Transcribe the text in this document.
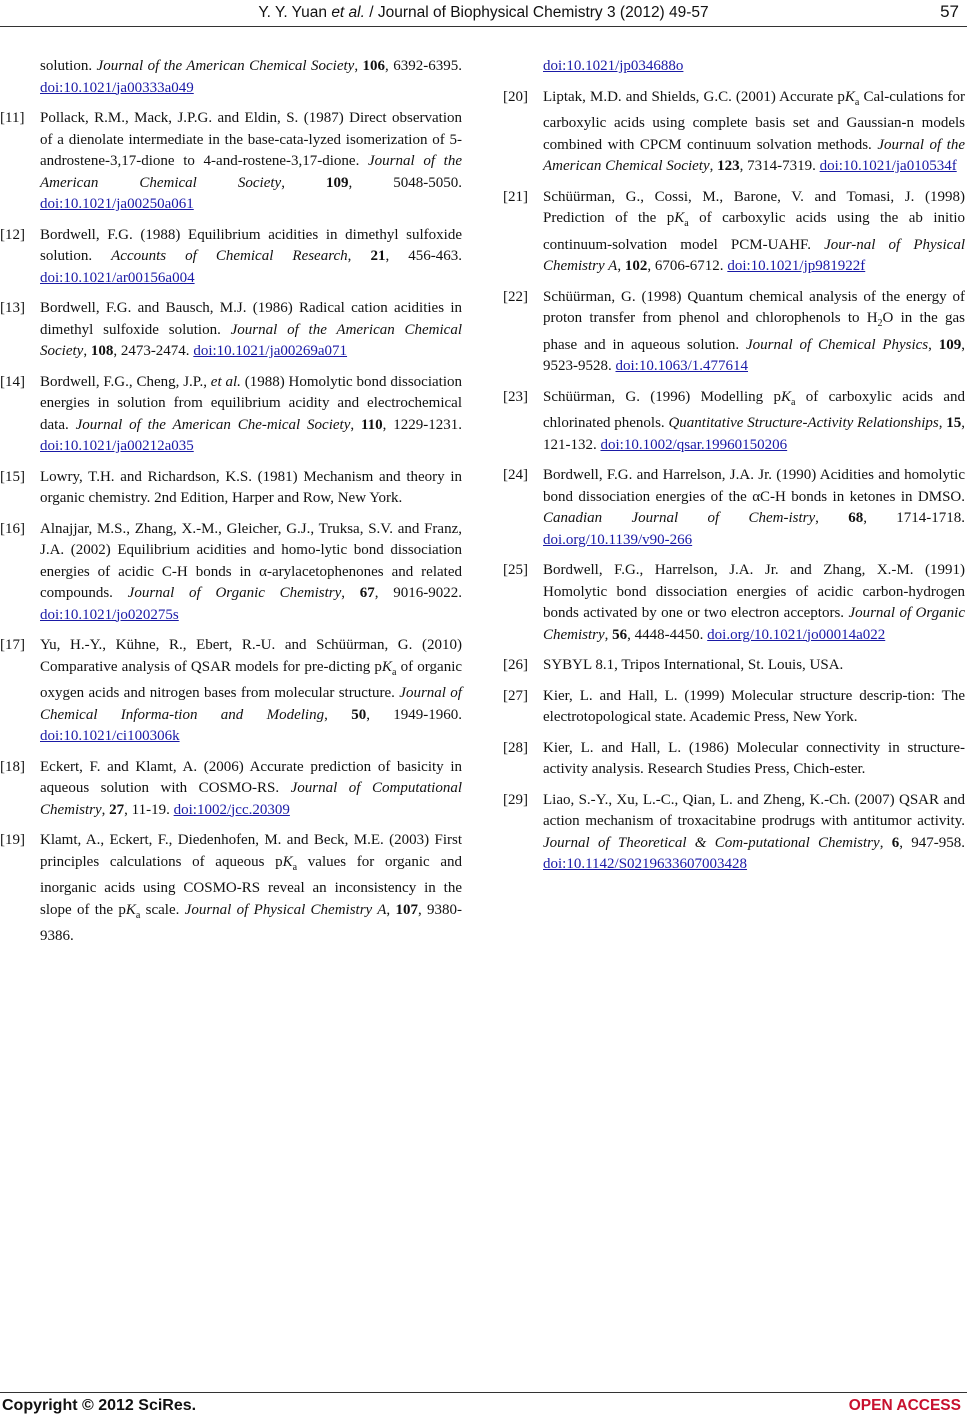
Y. Y. Yuan et al. / Journal of Biophysical Chemistry 3 (2012) 49-57	57
solution. Journal of the American Chemical Society, 106, 6392-6395. doi:10.1021/ja00333a049
[11]	Pollack, R.M., Mack, J.P.G. and Eldin, S. (1987) Direct observation of a dienolate intermediate in the base-cata-lyzed isomerization of 5-androstene-3,17-dione to 4-and-rostene-3,17-dione. Journal of the American Chemical Society, 109, 5048-5050. doi:10.1021/ja00250a061
[12]	Bordwell, F.G. (1988) Equilibrium acidities in dimethyl sulfoxide solution. Accounts of Chemical Research, 21, 456-463. doi:10.1021/ar00156a004
[13]	Bordwell, F.G. and Bausch, M.J. (1986) Radical cation acidities in dimethyl sulfoxide solution. Journal of the American Chemical Society, 108, 2473-2474. doi:10.1021/ja00269a071
[14]	Bordwell, F.G., Cheng, J.P., et al. (1988) Homolytic bond dissociation energies in solution from equilibrium acidity and electrochemical data. Journal of the American Che-mical Society, 110, 1229-1231. doi:10.1021/ja00212a035
[15]	Lowry, T.H. and Richardson, K.S. (1981) Mechanism and theory in organic chemistry. 2nd Edition, Harper and Row, New York.
[16]	Alnajjar, M.S., Zhang, X.-M., Gleicher, G.J., Truksa, S.V. and Franz, J.A. (2002) Equilibrium acidities and homo-lytic bond dissociation energies of acidic C-H bonds in α-arylacetophenones and related compounds. Journal of Organic Chemistry, 67, 9016-9022. doi:10.1021/jo020275s
[17]	Yu, H.-Y., Kühne, R., Ebert, R.-U. and Schüürman, G. (2010) Comparative analysis of QSAR models for pre-dicting $pK_a$ of organic oxygen acids and nitrogen bases from molecular structure. Journal of Chemical Informa-tion and Modeling, 50, 1949-1960. doi:10.1021/ci100306k
[18]	Eckert, F. and Klamt, A. (2006) Accurate prediction of basicity in aqueous solution with COSMO-RS. Journal of Computational Chemistry, 27, 11-19. doi:1002/jcc.20309
[19]	Klamt, A., Eckert, F., Diedenhofen, M. and Beck, M.E. (2003) First principles calculations of aqueous $pK_a$ values for organic and inorganic acids using COSMO-RS reveal an inconsistency in the slope of the $pK_a$ scale. Journal of Physical Chemistry A, 107, 9380-9386.
doi:10.1021/jp034688o
[20]	Liptak, M.D. and Shields, G.C. (2001) Accurate $pK_a$ Cal-culations for carboxylic acids using complete basis set and Gaussian-n models combined with CPCM continuum solvation methods. Journal of the American Chemical Society, 123, 7314-7319. doi:10.1021/ja010534f
[21]	Schüürman, G., Cossi, M., Barone, V. and Tomasi, J. (1998) Prediction of the $pK_a$ of carboxylic acids using the ab initio continuum-solvation model PCM-UAHF. Jour-nal of Physical Chemistry A, 102, 6706-6712. doi:10.1021/jp981922f
[22]	Schüürman, G. (1998) Quantum chemical analysis of the energy of proton transfer from phenol and chlorophenols to $H_2O$ in the gas phase and in aqueous solution. Journal of Chemical Physics, 109, 9523-9528. doi:10.1063/1.477614
[23]	Schüürman, G. (1996) Modelling $pK_a$ of carboxylic acids and chlorinated phenols. Quantitative Structure-Activity Relationships, 15, 121-132. doi:10.1002/qsar.19960150206
[24]	Bordwell, F.G. and Harrelson, J.A. Jr. (1990) Acidities and homolytic bond dissociation energies of the αC-H bonds in ketones in DMSO. Canadian Journal of Chem-istry, 68, 1714-1718. doi.org/10.1139/v90-266
[25]	Bordwell, F.G., Harrelson, J.A. Jr. and Zhang, X.-M. (1991) Homolytic bond dissociation energies of acidic carbon-hydrogen bonds activated by one or two electron acceptors. Journal of Organic Chemistry, 56, 4448-4450. doi.org/10.1021/jo00014a022
[26]	SYBYL 8.1, Tripos International, St. Louis, USA.
[27]	Kier, L. and Hall, L. (1999) Molecular structure descrip-tion: The electrotopological state. Academic Press, New York.
[28]	Kier, L. and Hall, L. (1986) Molecular connectivity in structure-activity analysis. Research Studies Press, Chich-ester.
[29]	Liao, S.-Y., Xu, L.-C., Qian, L. and Zheng, K.-Ch. (2007) QSAR and action mechanism of troxacitabine prodrugs with antitumor activity. Journal of Theoretical & Com-putational Chemistry, 6, 947-958. doi:10.1142/S0219633607003428
Copyright © 2012 SciRes.	OPEN ACCESS
